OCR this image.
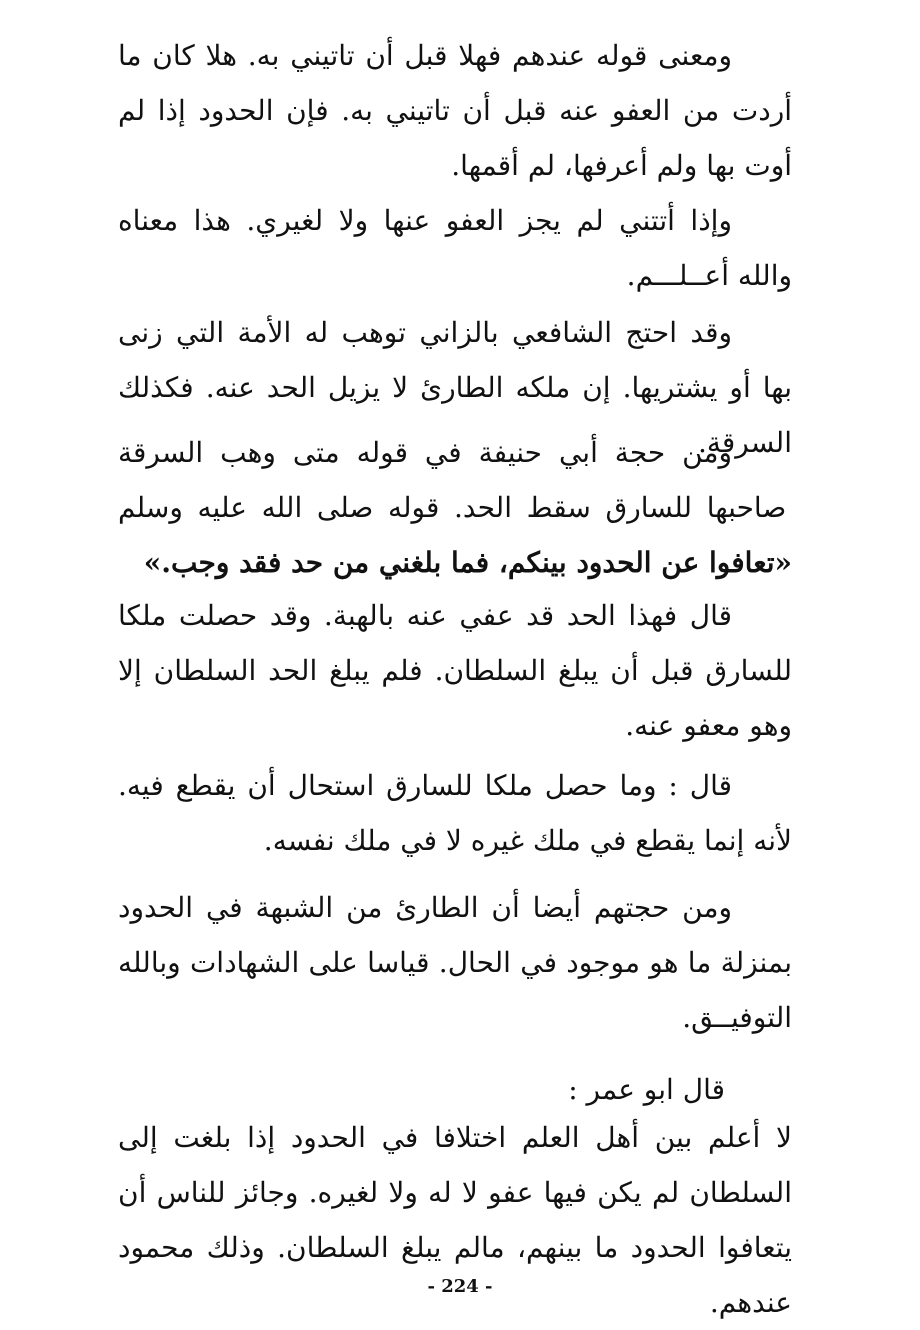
ومعنى قوله عندهم فهلا قبل أن تاتيني به. هلا كان ما أردت من العفو عنه قبل أن تاتيني به. فإن الحدود إذا لم أوت بها ولم أعرفها، لم أقمها.

وإذا أتتني لم يجز العفو عنها ولا لغيري. هذا معناه والله أعــلـــم.

وقد احتج الشافعي بالزاني توهب له الأمة التي زنى بها أو يشتريها. إن ملكه الطارئ لا يزيل الحد عنه. فكذلك السرقة.

ومن حجة أبي حنيفة في قوله متى وهب السرقة صاحبها للسارق سقط الحد. قوله صلى الله عليه وسلم «تعافوا عن الحدود بينكم، فما بلغني من حد فقد وجب.»

قال فهذا الحد قد عفي عنه بالهبة. وقد حصلت ملكا للسارق قبل أن يبلغ السلطان. فلم يبلغ الحد السلطان إلا وهو معفو عنه.

قال : وما حصل ملكا للسارق استحال أن يقطع فيه. لأنه إنما يقطع في ملك غيره لا في ملك نفسه.

ومن حجتهم أيضا أن الطارئ من الشبهة في الحدود بمنزلة ما هو موجود في الحال. قياسا على الشهادات وبالله التوفيــق.

قال ابو عمر :

لا أعلم بين أهل العلم اختلافا في الحدود إذا بلغت إلى السلطان لم يكن فيها عفو لا له ولا لغيره. وجائز للناس أن يتعافوا الحدود ما بينهم، مالم يبلغ السلطان. وذلك محمود عندهم.

- 224 -
